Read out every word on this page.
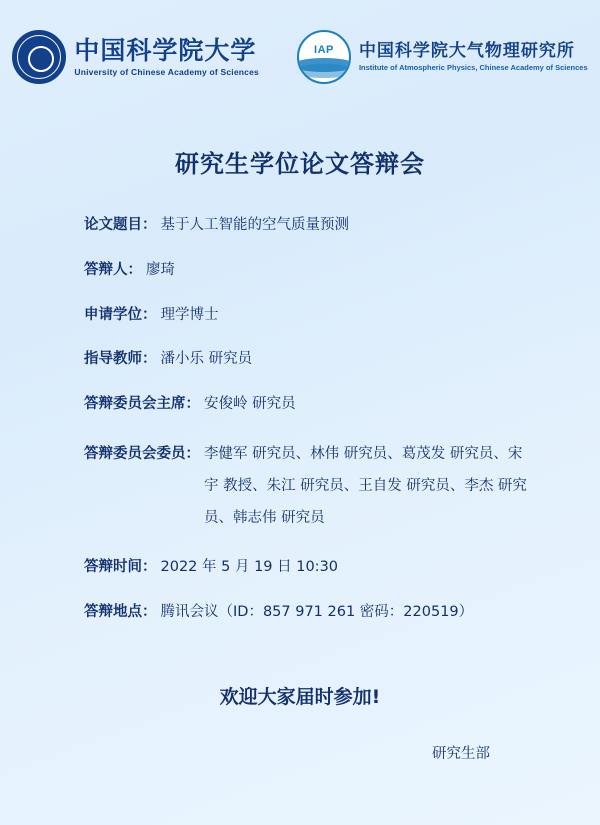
中国科学院大学
University of Chinese Academy of Sciences
IAP	中国科学院大气物理研究所
Institute of Atmospheric Physics, Chinese Academy of Sciences
研究生学位论文答辩会
论文题目： 基于人工智能的空气质量预测
答辩人： 廖琦
申请学位： 理学博士
指导教师： 潘小乐 研究员
答辩委员会主席： 安俊岭 研究员
答辩委员会委员： 李健军 研究员、林伟 研究员、葛茂发 研究员、宋宇 教授、朱江 研究员、王自发 研究员、李杰 研究员、韩志伟 研究员
答辩时间： 2022 年 5 月 19 日 10:30
答辩地点： 腾讯会议（ID：857 971 261 密码：220519）
欢迎大家届时参加!
研究生部
